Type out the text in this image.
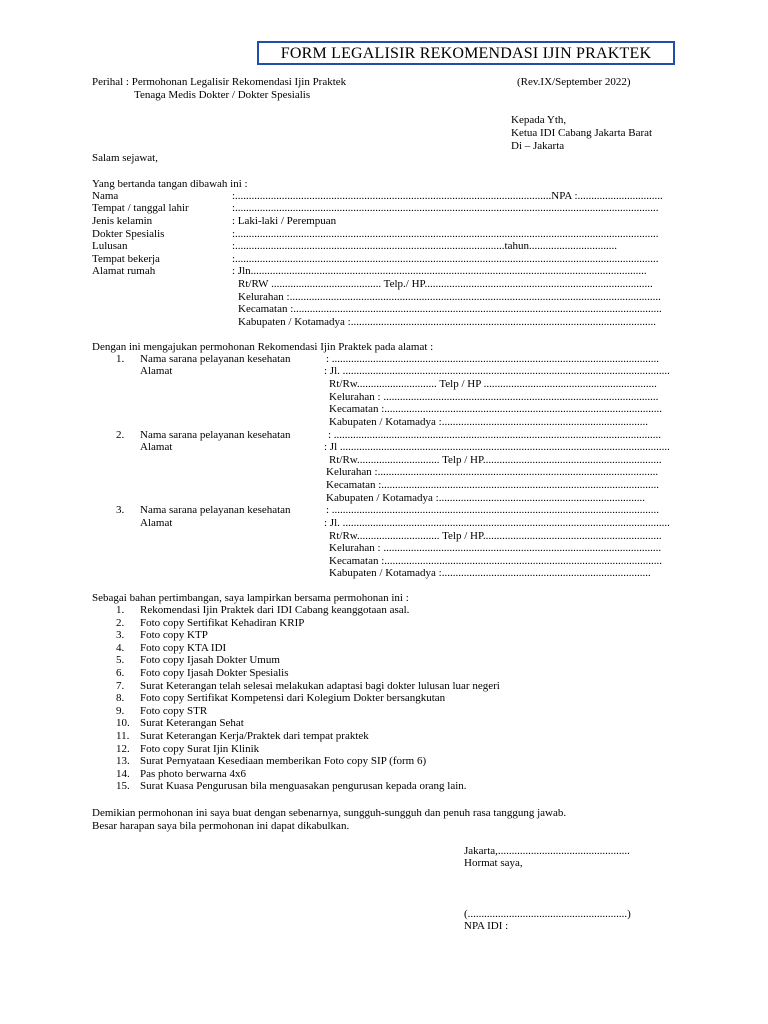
FORM LEGALISIR REKOMENDASI IJIN PRAKTEK
Perihal : Permohonan Legalisir Rekomendasi Ijin Praktek
Tenaga Medis Dokter / Dokter Spesialis
(Rev.IX/September 2022)
Kepada Yth,
Ketua IDI Cabang Jakarta Barat
Di – Jakarta
Salam sejawat,
Yang bertanda tangan dibawah ini :
Nama	:...................................................................................................................NPA :...............................
Tempat / tanggal lahir	:..........................................................................................................................................................
Jenis kelamin	: Laki-laki / Perempuan
Dokter Spesialis	:..........................................................................................................................................................
Lulusan	:..................................................................................................tahun................................
Tempat bekerja	:..........................................................................................................................................................
Alamat rumah	: Jln................................................................................................................................................
Rt/RW ........................................ Telp./ HP...................................................................................
Kelurahan :.......................................................................................................................................
Kecamatan :......................................................................................................................................
Kabupaten / Kotamadya :...............................................................................................................
Dengan ini mengajukan permohonan Rekomendasi Ijin Praktek pada alamat :
1. Nama sarana pelayanan kesehatan	: .......................................................................................................................
Alamat	: Jl. .......................................................................................................................
Rt/Rw............................. Telp / HP ...............................................................
Kelurahan : ....................................................................................................
Kecamatan :.....................................................................................................
Kabupaten / Kotamadya :...........................................................................
2. Nama sarana pelayanan kesehatan	: .......................................................................................................................
Alamat	: Jl ........................................................................................................................
Rt/Rw.............................. Telp / HP.................................................................
Kelurahan :......................................................................................................
Kecamatan :.....................................................................................................
Kabupaten / Kotamadya :...........................................................................
3. Nama sarana pelayanan kesehatan	: .......................................................................................................................
Alamat	: Jl. .......................................................................................................................
Rt/Rw.............................. Telp / HP.................................................................
Kelurahan : .....................................................................................................
Kecamatan :.....................................................................................................
Kabupaten / Kotamadya :............................................................................
Sebagai bahan pertimbangan, saya lampirkan bersama permohonan ini :
1. Rekomendasi Ijin Praktek dari IDI Cabang keanggotaan asal.
2. Foto copy Sertifikat Kehadiran KRIP
3. Foto copy KTP
4. Foto copy KTA IDI
5. Foto copy Ijasah Dokter Umum
6. Foto copy Ijasah Dokter Spesialis
7. Surat Keterangan telah selesai melakukan adaptasi bagi dokter lulusan luar negeri
8. Foto copy Sertifikat Kompetensi dari Kolegium Dokter bersangkutan
9. Foto copy STR
10. Surat Keterangan Sehat
11. Surat Keterangan Kerja/Praktek dari tempat praktek
12. Foto copy Surat Ijin Klinik
13. Surat Pernyataan Kesediaan memberikan Foto copy SIP (form 6)
14. Pas photo berwarna 4x6
15. Surat Kuasa Pengurusan bila menguasakan pengurusan kepada orang lain.
Demikian permohonan ini saya buat dengan sebenarnya, sungguh-sungguh dan penuh rasa tanggung jawab.
Besar harapan saya bila permohonan ini dapat dikabulkan.
Jakarta,................................................
Hormat saya,
(..........................................................)
NPA IDI :
